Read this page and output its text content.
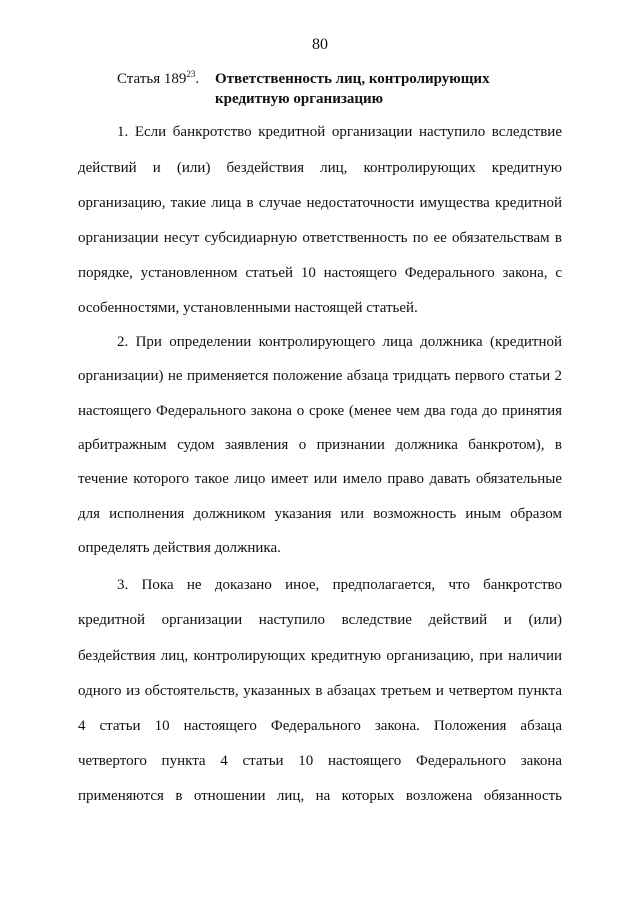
80
Статья $189^{23}$. Ответственность лиц, контролирующих
кредитную организацию
1. Если банкротство кредитной организации наступило вследствие
действий и (или) бездействия лиц, контролирующих кредитную
организацию, такие лица в случае недостаточности имущества кредитной
организации несут субсидиарную ответственность по ее обязательствам в
порядке, установленном статьей 10 настоящего Федерального закона, с
особенностями, установленными настоящей статьей.
2. При определении контролирующего лица должника (кредитной
организации) не применяется положение абзаца тридцать первого статьи 2
настоящего Федерального закона о сроке (менее чем два года до принятия
арбитражным судом заявления о признании должника банкротом), в
течение которого такое лицо имеет или имело право давать обязательные
для исполнения должником указания или возможность иным образом
определять действия должника.
3. Пока не доказано иное, предполагается, что банкротство
кредитной организации наступило вследствие действий и (или)
бездействия лиц, контролирующих кредитную организацию, при наличии
одного из обстоятельств, указанных в абзацах третьем и четвертом пункта
4 статьи 10 настоящего Федерального закона. Положения абзаца
четвертого пункта 4 статьи 10 настоящего Федерального закона
применяются в отношении лиц, на которых возложена обязанность
